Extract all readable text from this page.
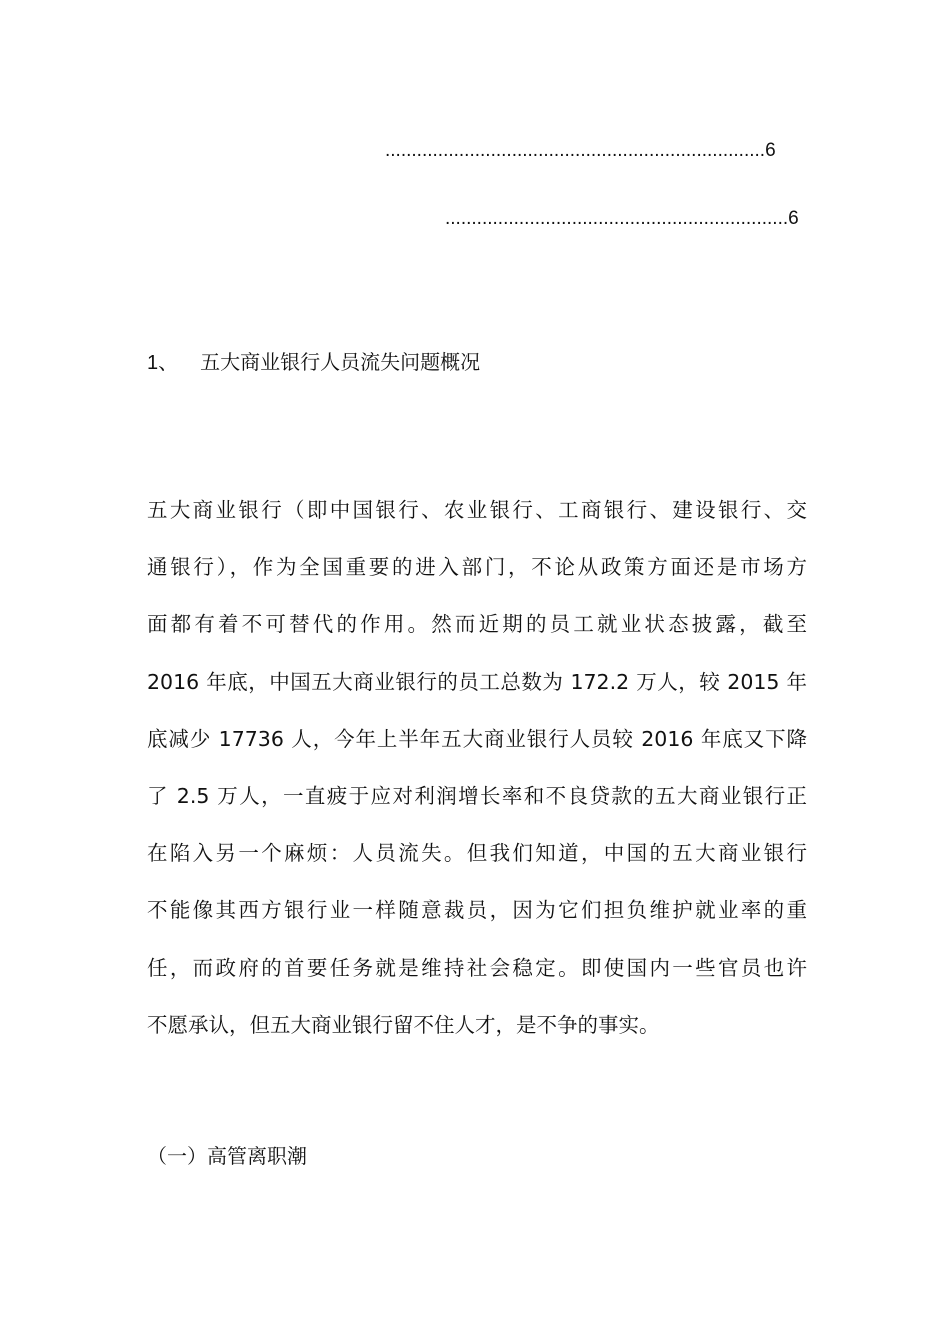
........................................................................6
.................................................................6
1、 五大商业银行人员流失问题概况
五大商业银行（即中国银行、农业银行、工商银行、建设银行、交
通银行），作为全国重要的进入部门，不论从政策方面还是市场方
面都有着不可替代的作用。然而近期的员工就业状态披露，截至
2016 年底，中国五大商业银行的员工总数为 172.2 万人，较 2015 年
底减少 17736 人，今年上半年五大商业银行人员较 2016 年底又下降
了 2.5 万人，一直疲于应对利润增长率和不良贷款的五大商业银行正
在陷入另一个麻烦：人员流失。但我们知道，中国的五大商业银行
不能像其西方银行业一样随意裁员，因为它们担负维护就业率的重
任，而政府的首要任务就是维持社会稳定。即使国内一些官员也许
不愿承认，但五大商业银行留不住人才，是不争的事实。
（一）高管离职潮
